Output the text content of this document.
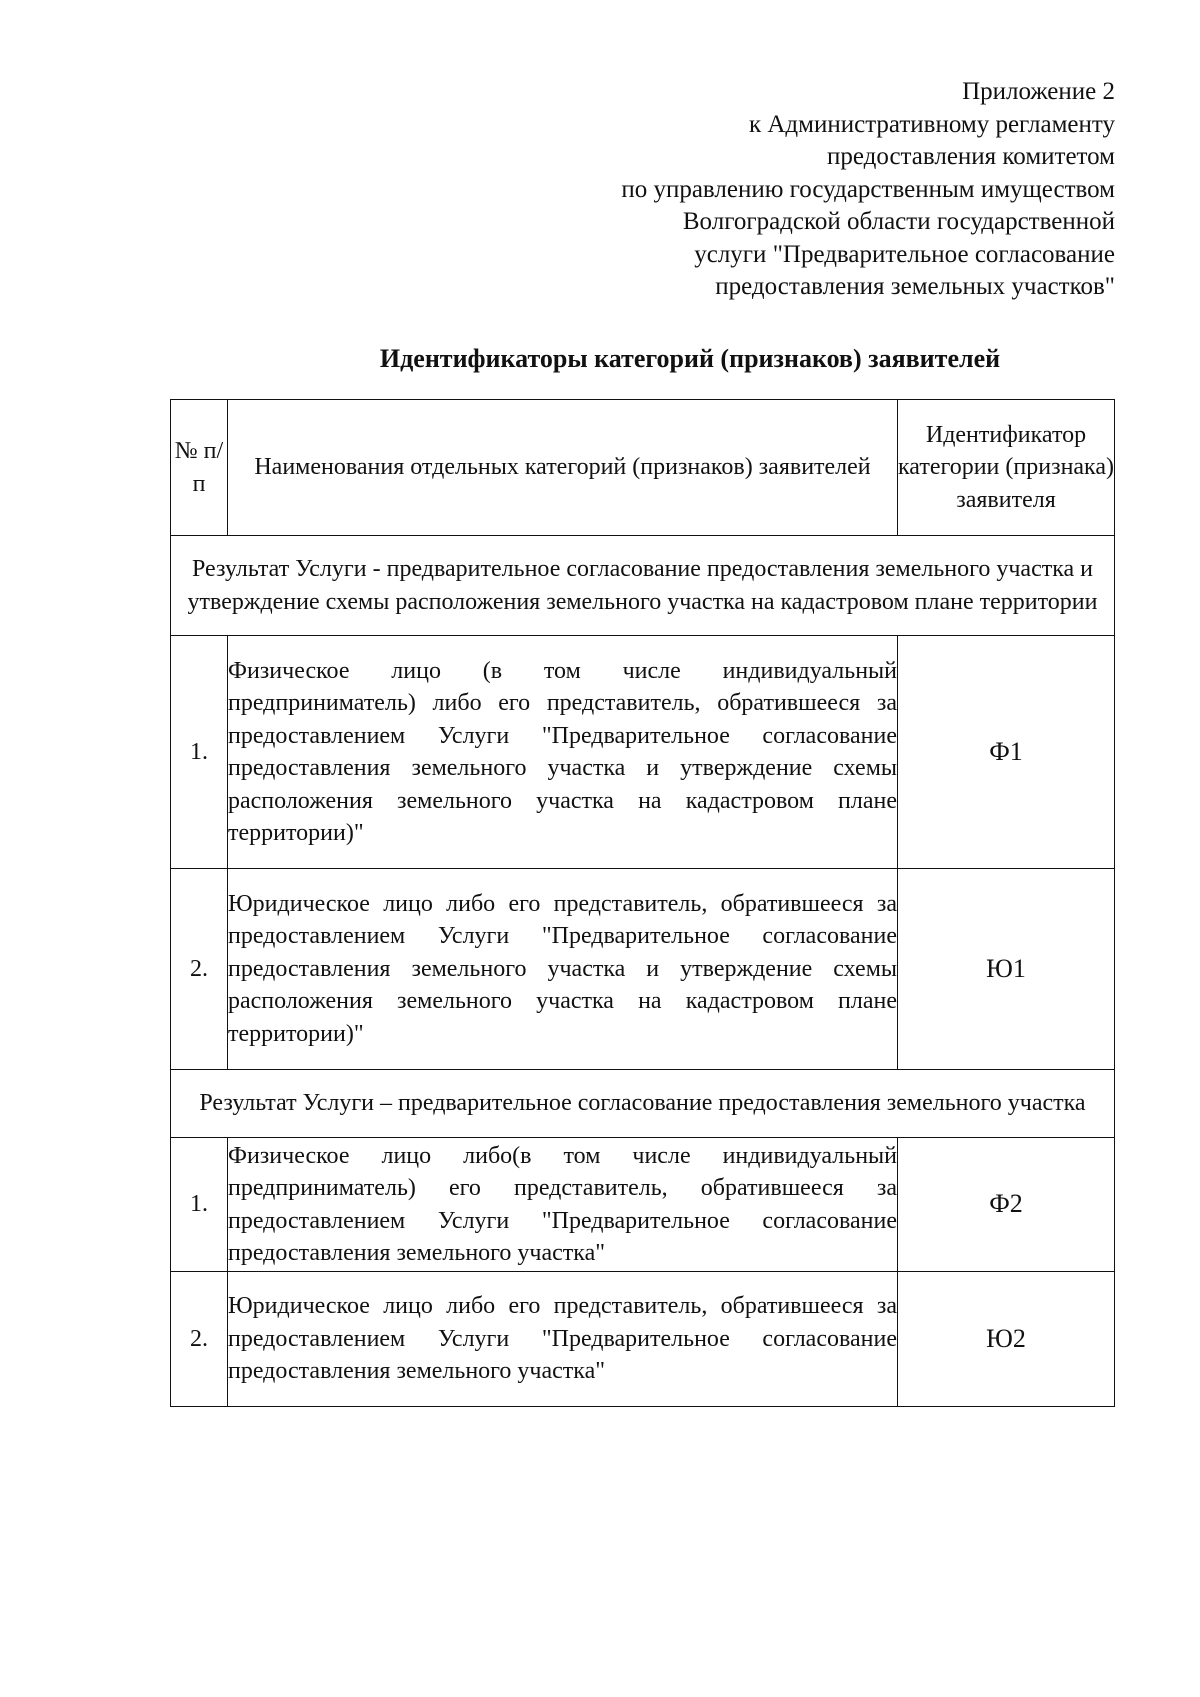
Приложение 2
к Административному регламенту
предоставления комитетом
по управлению государственным имуществом
Волгоградской области государственной
услуги "Предварительное согласование
предоставления земельных участков"
Идентификаторы категорий (признаков) заявителей
№ п/п	Наименования отдельных категорий (признаков) заявителей	Идентификатор категории (признака) заявителя
Результат Услуги - предварительное согласование предоставления земельного участка и утверждение схемы расположения земельного участка на кадастровом плане территории		
1.	Физическое лицо (в том числе индивидуальный предприниматель) либо его представитель, обратившееся за предоставлением Услуги "Предварительное согласование предоставления земельного участка и утверждение схемы расположения земельного участка на кадастровом плане территории)"	Ф1
2.	Юридическое лицо либо его представитель, обратившееся за предоставлением Услуги "Предварительное согласование предоставления земельного участка и утверждение схемы расположения земельного участка на кадастровом плане территории)"	Ю1
Результат Услуги – предварительное согласование предоставления земельного участка		
1.	Физическое лицо либо(в том числе индивидуальный предприниматель) его представитель, обратившееся за предоставлением Услуги "Предварительное согласование предоставления земельного участка"	Ф2
2.	Юридическое лицо либо его представитель, обратившееся за предоставлением Услуги "Предварительное согласование предоставления земельного участка"	Ю2
